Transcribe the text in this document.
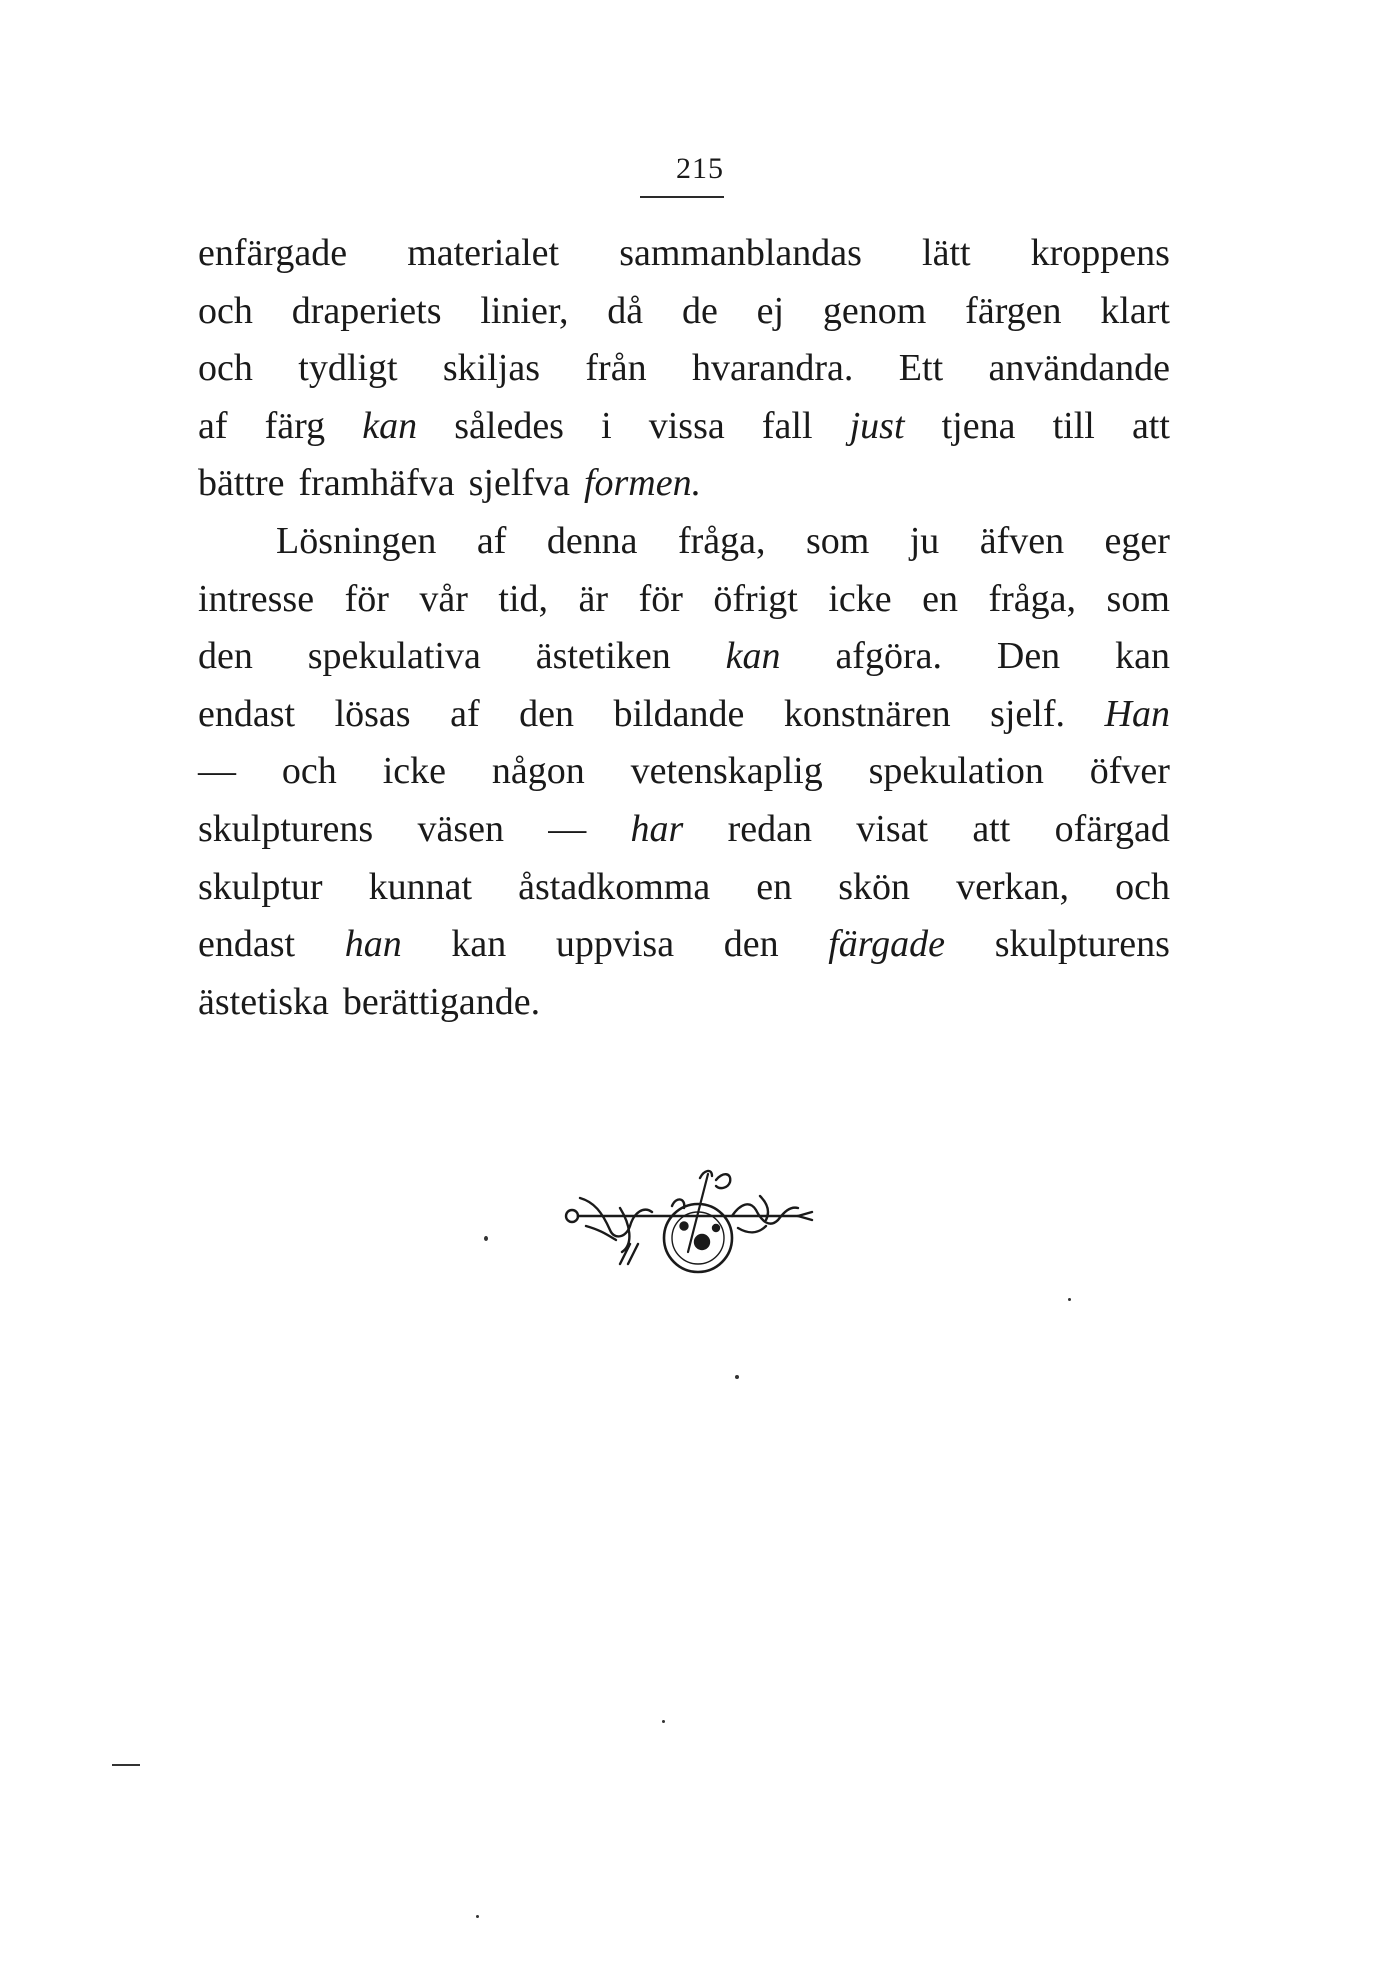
215
enfärgade materialet sammanblandas lätt kroppens
och draperiets linier, då de ej genom färgen klart
och tydligt skiljas från hvarandra. Ett användande
af färg kan således i vissa fall just tjena till att
bättre framhäfva sjelfva formen.
Lösningen af denna fråga, som ju äfven eger
intresse för vår tid, är för öfrigt icke en fråga, som
den spekulativa ästetiken kan afgöra. Den kan
endast lösas af den bildande konstnären sjelf. Han
— och icke någon vetenskaplig spekulation öfver
skulpturens väsen — har redan visat att ofärgad
skulptur kunnat åstadkomma en skön verkan, och
endast han kan uppvisa den färgade skulpturens
ästetiska berättigande.
